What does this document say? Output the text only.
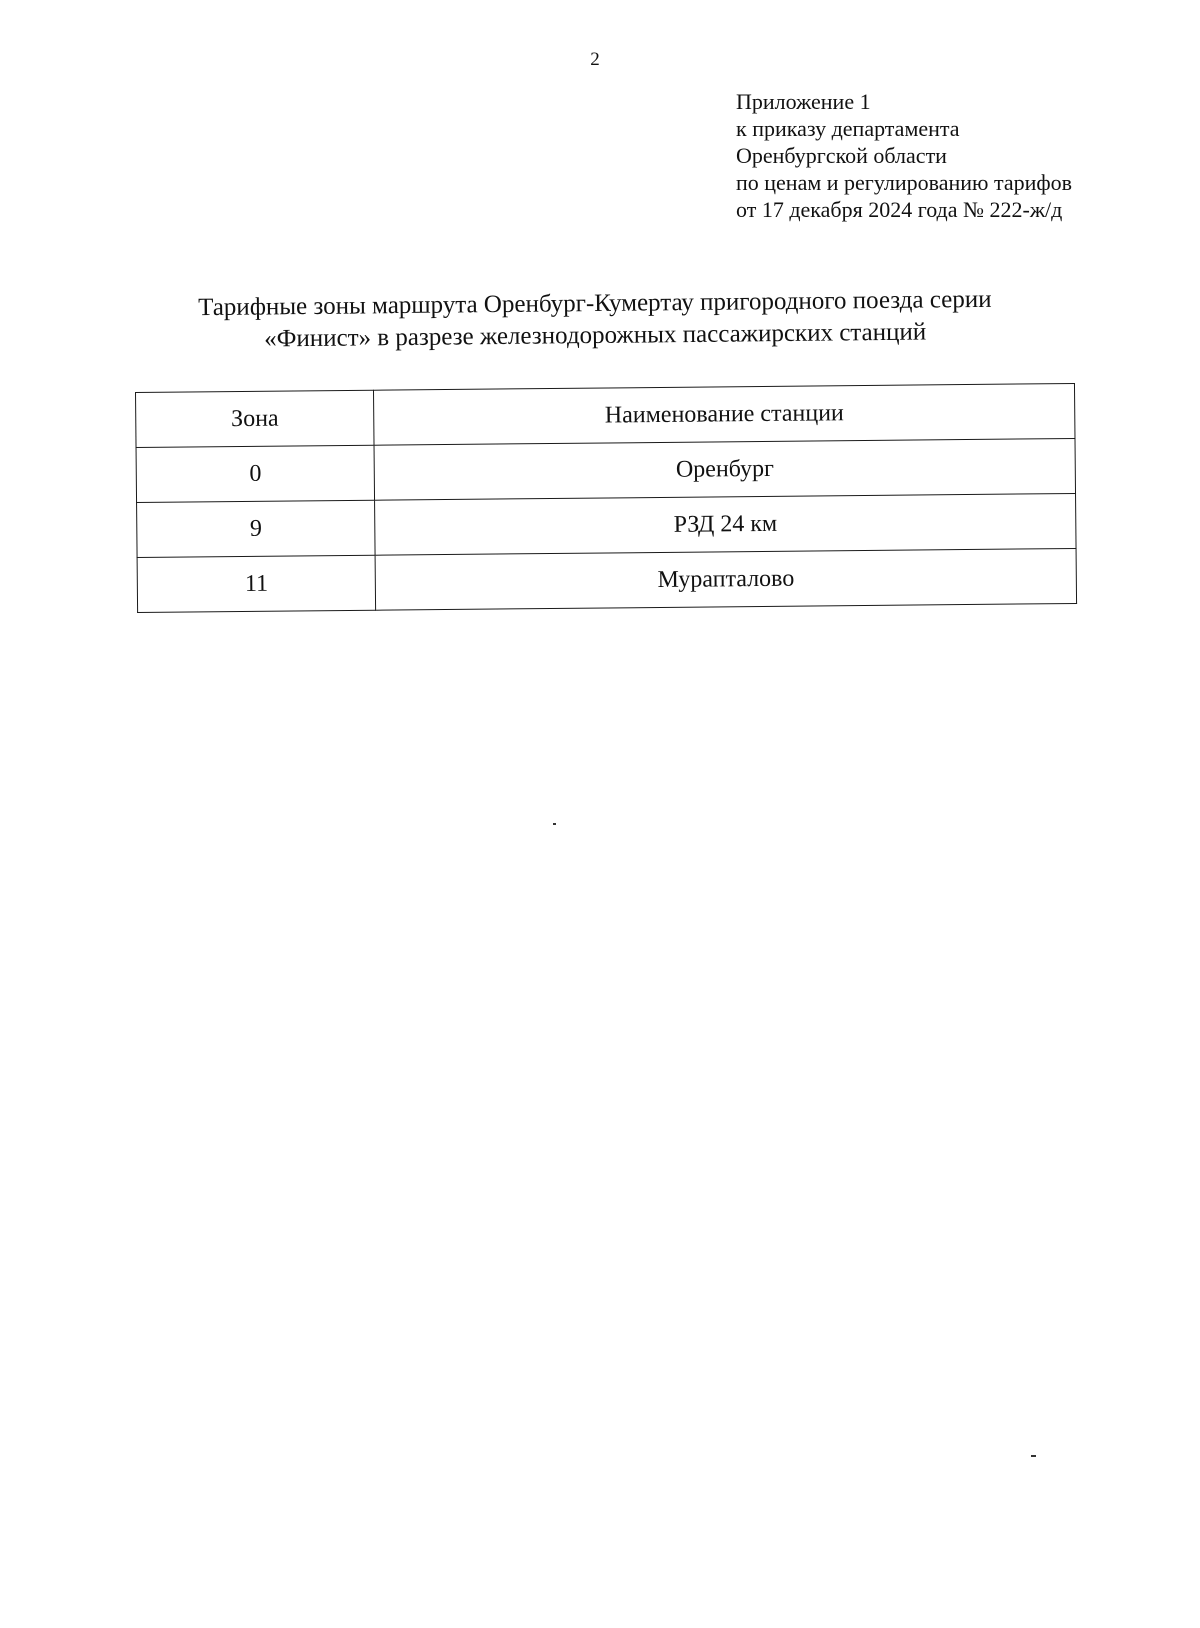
2
Приложение 1
к приказу департамента
Оренбургской области
по ценам и регулированию тарифов
от 17 декабря 2024 года № 222-ж/д
Тарифные зоны маршрута Оренбург-Кумертау пригородного поезда серии
«Финист» в разрезе железнодорожных пассажирских станций
Зона	Наименование станции
0	Оренбург
9	РЗД 24 км
11	Мурапталово
